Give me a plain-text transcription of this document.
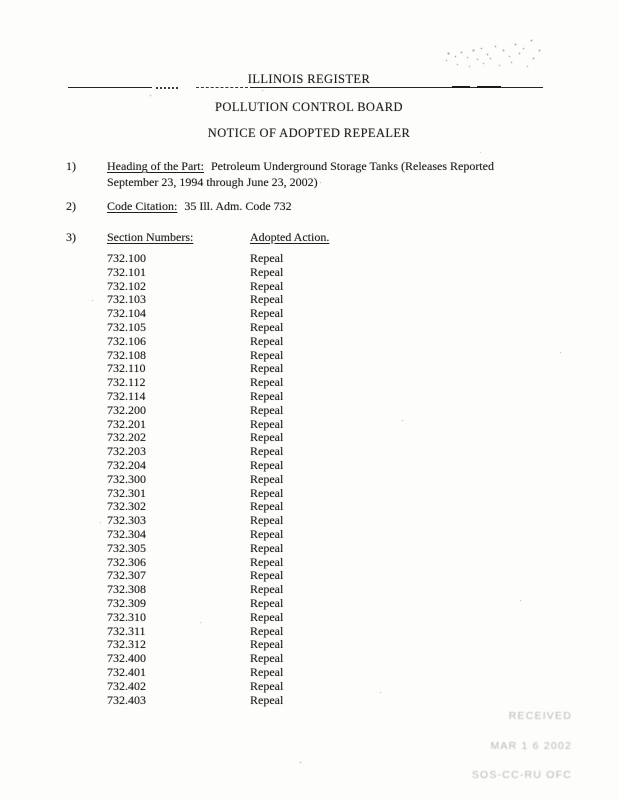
ILLINOIS REGISTER
POLLUTION CONTROL BOARD
NOTICE OF ADOPTED REPEALER
1)	Heading of the Part: Petroleum Underground Storage Tanks (Releases Reported
September 23, 1994 through June 23, 2002)
2)	Code Citation: 35 Ill. Adm. Code 732
3)	Section Numbers:	Adopted Action.
732.100	Repeal
732.101	Repeal
732.102	Repeal
732.103	Repeal
732.104	Repeal
732.105	Repeal
732.106	Repeal
732.108	Repeal
732.110	Repeal
732.112	Repeal
732.114	Repeal
732.200	Repeal
732.201	Repeal
732.202	Repeal
732.203	Repeal
732.204	Repeal
732.300	Repeal
732.301	Repeal
732.302	Repeal
732.303	Repeal
732.304	Repeal
732.305	Repeal
732.306	Repeal
732.307	Repeal
732.308	Repeal
732.309	Repeal
732.310	Repeal
732.311	Repeal
732.312	Repeal
732.400	Repeal
732.401	Repeal
732.402	Repeal
732.403	Repeal
RECEIVED
MAR 1 6 2002
SOS-CC-RU OFC
